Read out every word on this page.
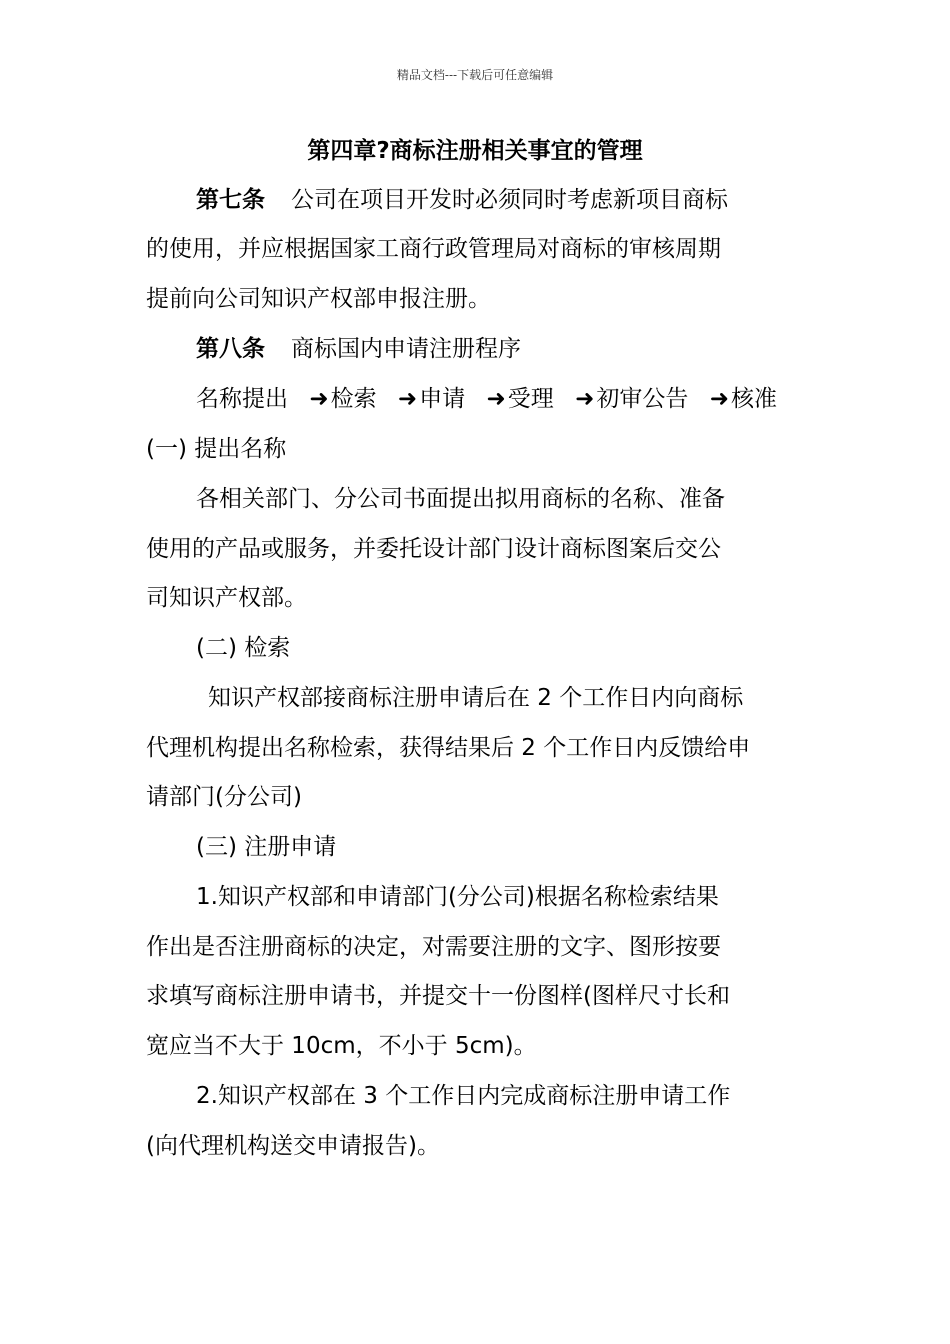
精品文档---下载后可任意编辑
第四章?商标注册相关事宜的管理
第七条 公司在项目开发时必须同时考虑新项目商标
的使用，并应根据国家工商行政管理局对商标的审核周期
提前向公司知识产权部申报注册。
第八条 商标国内申请注册程序
名称提出 ➜检索 ➜申请 ➜受理 ➜初审公告 ➜核准
(一) 提出名称
各相关部门、分公司书面提出拟用商标的名称、准备
使用的产品或服务，并委托设计部门设计商标图案后交公
司知识产权部。
(二) 检索
知识产权部接商标注册申请后在 2 个工作日内向商标
代理机构提出名称检索，获得结果后 2 个工作日内反馈给申
请部门(分公司)
(三) 注册申请
1.知识产权部和申请部门(分公司)根据名称检索结果
作出是否注册商标的决定，对需要注册的文字、图形按要
求填写商标注册申请书，并提交十一份图样(图样尺寸长和
宽应当不大于 10cm，不小于 5cm)。
2.知识产权部在 3 个工作日内完成商标注册申请工作
(向代理机构送交申请报告)。
